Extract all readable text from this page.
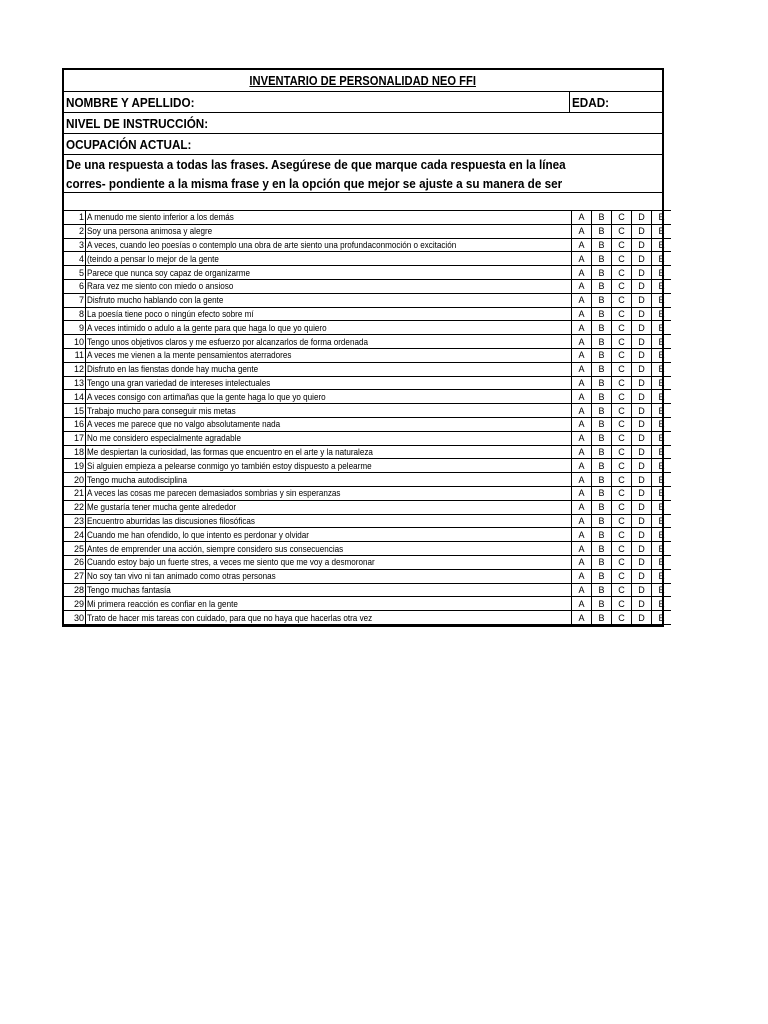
INVENTARIO DE PERSONALIDAD NEO FFI
NOMBRE Y APELLIDO:	EDAD:
NIVEL DE INSTRUCCIÓN:
OCUPACIÓN ACTUAL:
De una respuesta a todas las frases. Asegúrese de que marque cada respuesta en la línea corres- pondiente a la misma frase y en la opción que mejor se ajuste a su manera de ser
1	A menudo me siento inferior a los demás	A	B	C	D	E
2	Soy una persona animosa y alegre	A	B	C	D	E
3	A veces, cuando leo poesías o contemplo una obra de arte siento una profundaconmoción o excitación	A	B	C	D	E
4	(teindo a pensar lo mejor de la gente	A	B	C	D	E
5	Parece que nunca soy capaz de organizarme	A	B	C	D	E
6	Rara vez me siento con miedo o ansioso	A	B	C	D	E
7	Disfruto mucho hablando con la gente	A	B	C	D	E
8	La poesía tiene poco o ningún efecto sobre mí	A	B	C	D	E
9	A veces intimido o adulo a la gente para que haga lo que yo quiero	A	B	C	D	E
10	Tengo unos objetivos claros y me esfuerzo por alcanzarlos de forma ordenada	A	B	C	D	E
11	A veces me vienen a la mente pensamientos aterradores	A	B	C	D	E
12	Disfruto en las fienstas donde hay mucha gente	A	B	C	D	E
13	Tengo una gran variedad de intereses intelectuales	A	B	C	D	E
14	A veces consigo con artimañas que la gente haga lo que yo quiero	A	B	C	D	E
15	Trabajo mucho para conseguir mis metas	A	B	C	D	E
16	A veces me parece que no valgo absolutamente nada	A	B	C	D	E
17	No me considero especialmente agradable	A	B	C	D	E
18	Me despiertan la curiosidad, las formas que encuentro en el arte y la naturaleza	A	B	C	D	E
19	Si alguien empieza a pelearse conmigo yo también estoy dispuesto a pelearme	A	B	C	D	E
20	Tengo mucha autodisciplina	A	B	C	D	E
21	A veces las cosas me parecen demasiados sombrias y sin esperanzas	A	B	C	D	E
22	Me gustaría tener mucha gente alrededor	A	B	C	D	E
23	Encuentro aburridas las discusiones filosóficas	A	B	C	D	E
24	Cuando me han ofendido, lo que intento es perdonar y olvidar	A	B	C	D	E
25	Antes de emprender una acción, siempre considero sus consecuencias	A	B	C	D	E
26	Cuando estoy bajo un fuerte stres, a veces me siento que me voy a desmoronar	A	B	C	D	E
27	No soy tan vivo ni tan animado como otras personas	A	B	C	D	E
28	Tengo muchas fantasía	A	B	C	D	E
29	Mi primera reacción es confiar en la gente	A	B	C	D	E
30	Trato de hacer mis tareas con cuidado, para que no haya que hacerlas otra vez	A	B	C	D	E
